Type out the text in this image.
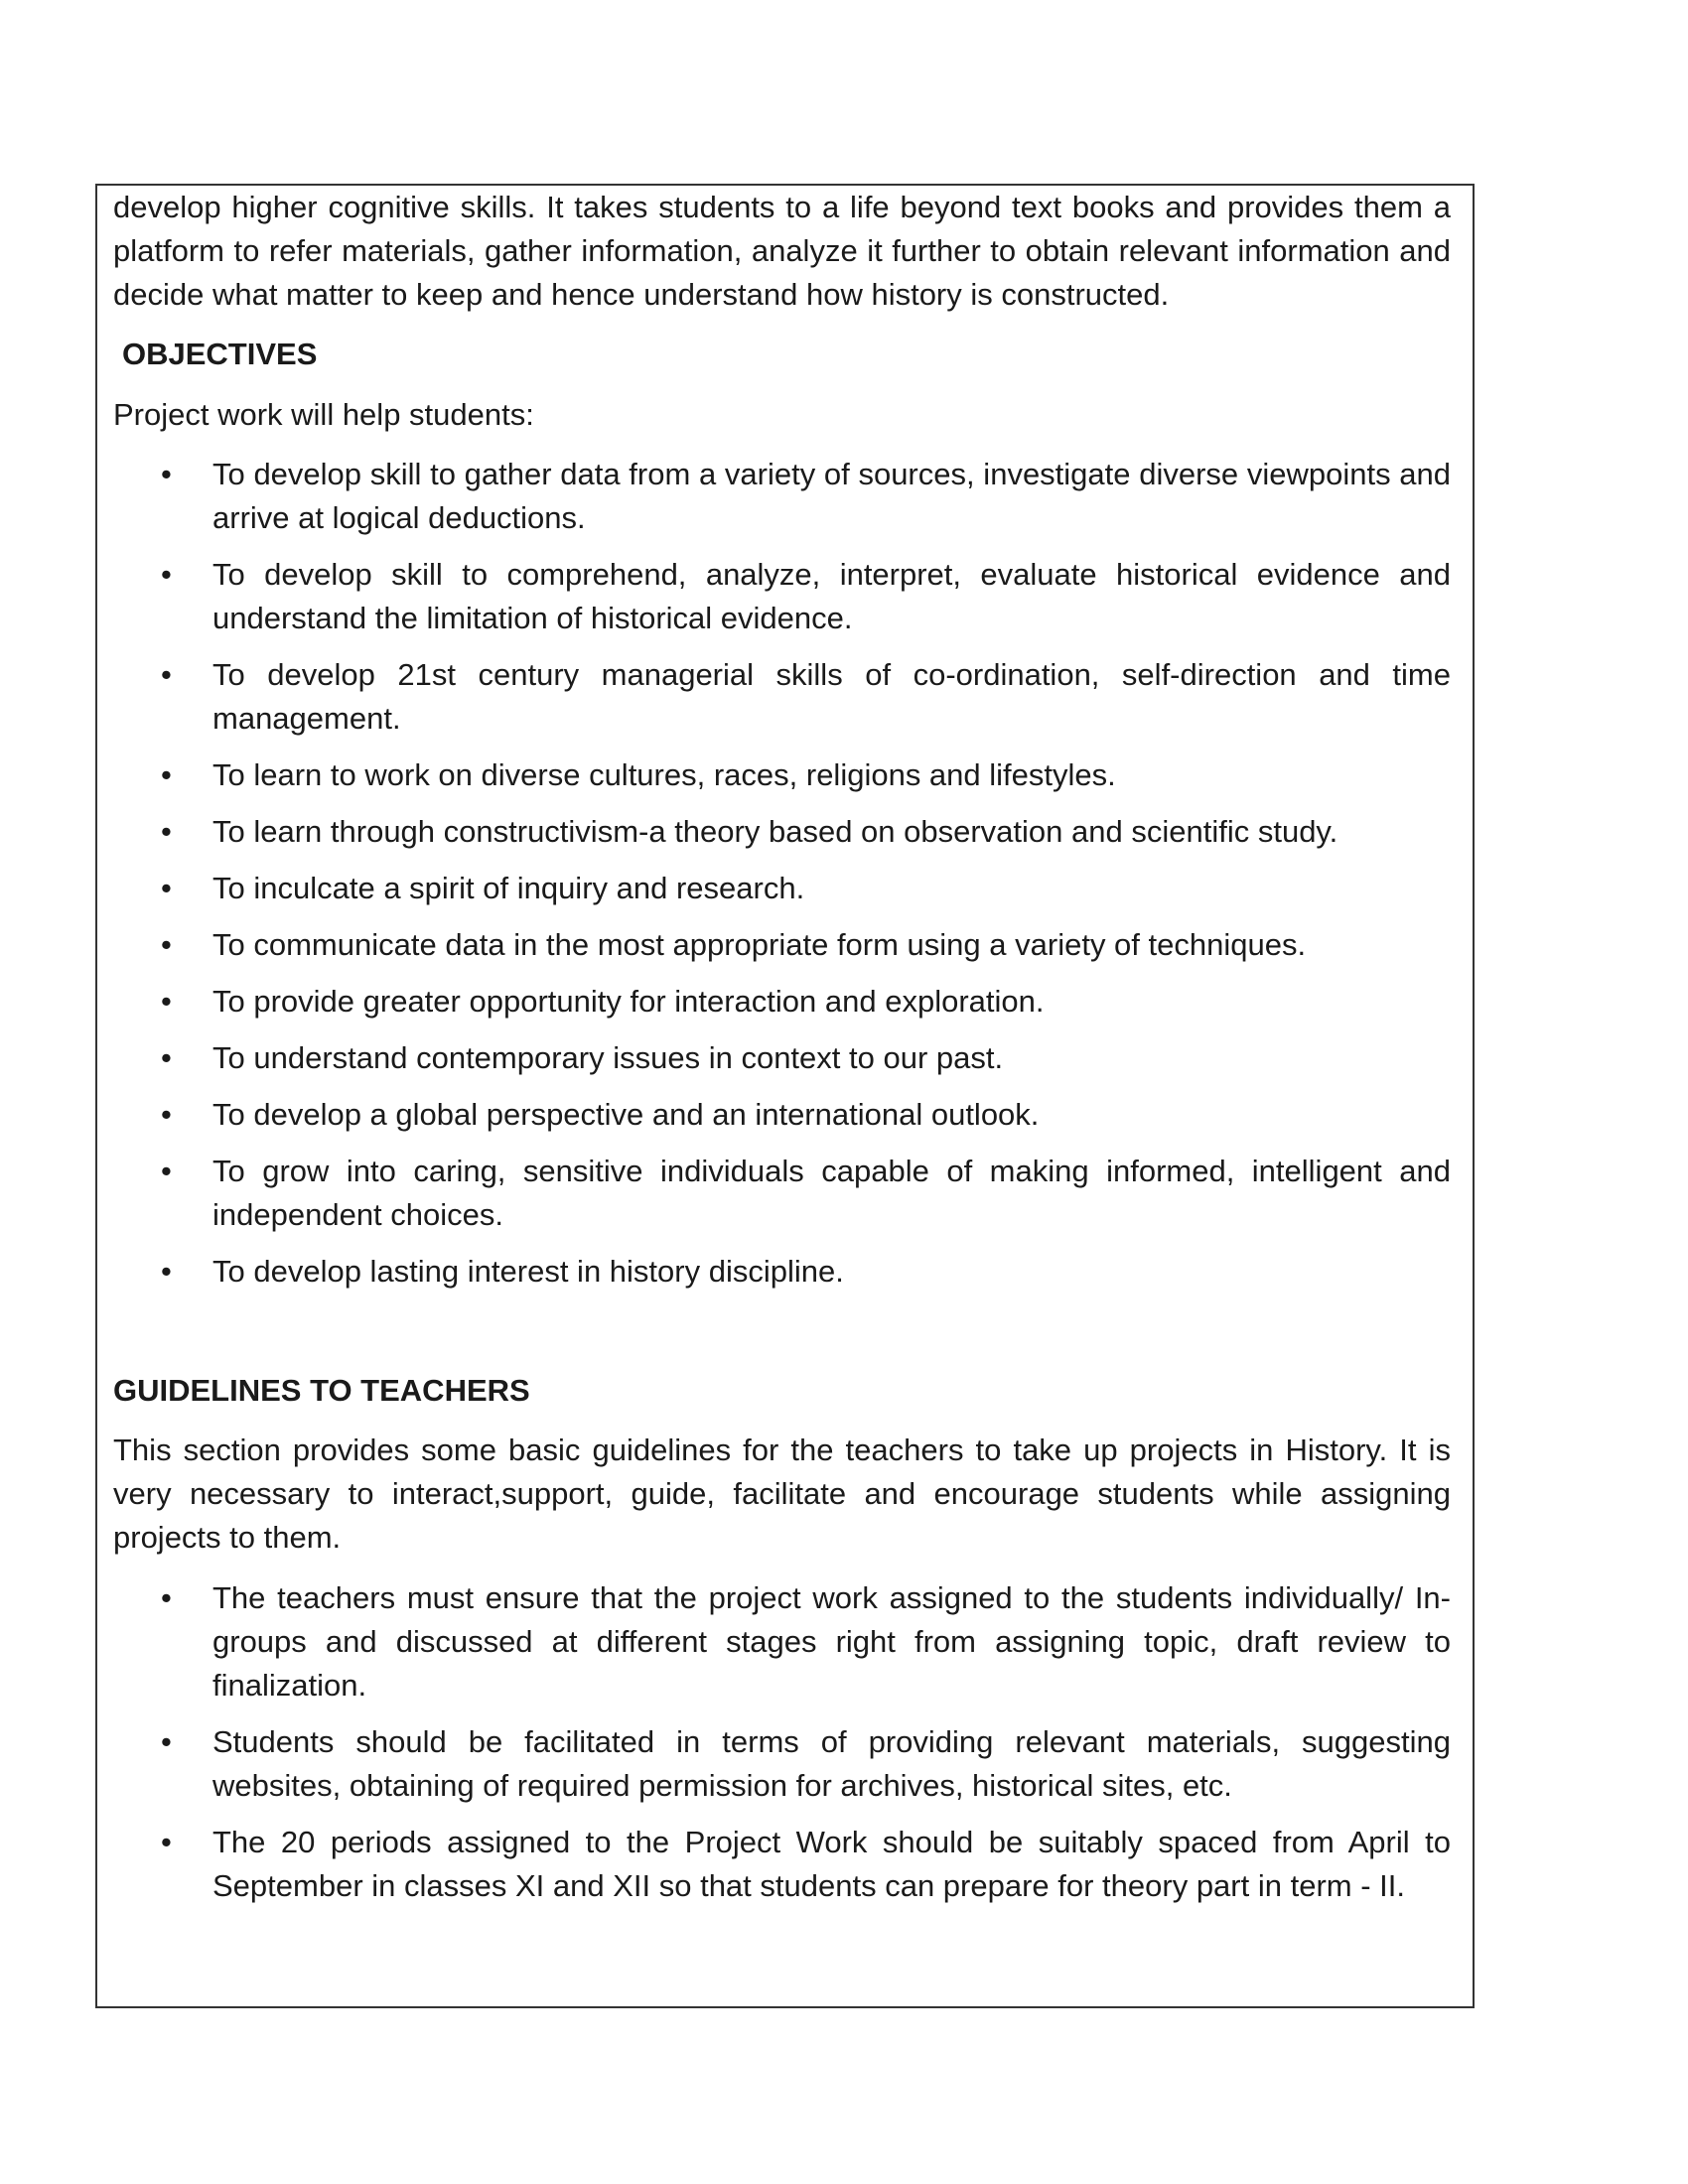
develop higher cognitive skills. It takes students to a life beyond text books and provides them a platform to refer materials, gather information, analyze it further to obtain relevant information and decide what matter to keep and hence understand how history is constructed.

OBJECTIVES

Project work will help students:

• To develop skill to gather data from a variety of sources, investigate diverse viewpoints and arrive at logical deductions.
• To develop skill to comprehend, analyze, interpret, evaluate historical evidence and understand the limitation of historical evidence.
• To develop 21st century managerial skills of co-ordination, self-direction and time management.
• To learn to work on diverse cultures, races, religions and lifestyles.
• To learn through constructivism-a theory based on observation and scientific study.
• To inculcate a spirit of inquiry and research.
• To communicate data in the most appropriate form using a variety of techniques.
• To provide greater opportunity for interaction and exploration.
• To understand contemporary issues in context to our past.
• To develop a global perspective and an international outlook.
• To grow into caring, sensitive individuals capable of making informed, intelligent and independent choices.
• To develop lasting interest in history discipline.

GUIDELINES TO TEACHERS

This section provides some basic guidelines for the teachers to take up projects in History. It is very necessary to interact,support, guide, facilitate and encourage students while assigning projects to them.

• The teachers must ensure that the project work assigned to the students individually/ In-groups and discussed at different stages right from assigning topic, draft review to finalization.
• Students should be facilitated in terms of providing relevant materials, suggesting websites, obtaining of required permission for archives, historical sites, etc.
• The 20 periods assigned to the Project Work should be suitably spaced from April to September in classes XI and XII so that students can prepare for theory part in term - II.
